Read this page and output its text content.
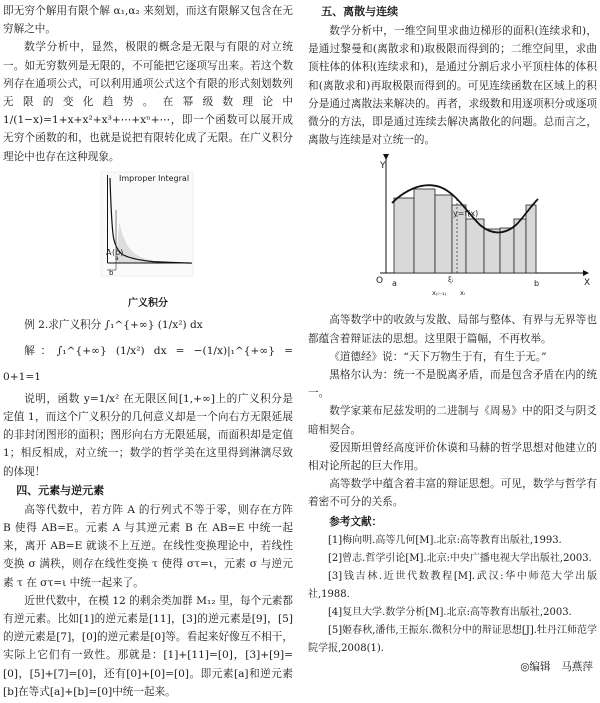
即无穷个解用有限个解 α₁,α₂ 来刻划，而这有限解又包含在无穷解之中。

数学分析中，显然，极限的概念是无限与有限的对立统一。如无穷数列是无限的，不可能把它逐项写出来。若这个数列存在通项公式，可以利用通项公式这个有限的形式刻划数列无限的变化趋势。在幂级数理论中 1/(1−x)=1+x+x²+x³+⋯+xⁿ+⋯，即一个函数可以展开成无穷个函数的和，也就是说把有限转化成了无限。在广义积分理论中也存在这种现象。

Improper Integral
A (b)
a
b
广义积分

例 2.求广义积分 ∫₁^{+∞} (1/x²) dx

解：∫₁^{+∞} (1/x²) dx = −(1/x)|₁^{+∞} = 0+1=1

说明，函数 y=1/x² 在无限区间[1,+∞]上的广义积分是定值 1，而这个广义积分的几何意义却是一个向右方无限延展的非封闭图形的面积；图形向右方无限延展，而面积却是定值 1；相反相成，对立统一；数学的哲学美在这里得到淋漓尽致的体现！

四、元素与逆元素

高等代数中，若方阵 A 的行列式不等于零，则存在方阵 B 使得 AB=E。元素 A 与其逆元素 B 在 AB=E 中统一起来，离开 AB=E 就谈不上互逆。在线性变换理论中，若线性变换 σ 满秩，则存在线性变换 τ 使得 στ=ι，元素 σ 与逆元素 τ 在 στ=ι 中统一起来了。

近世代数中，在模 12 的剩余类加群 M₁₂ 里，每个元素都有逆元素。比如[1]的逆元素是[11]，[3]的逆元素是[9]，[5]的逆元素是[7]，[0]的逆元素是[0]等。看起来好像互不相干，实际上它们有一致性。那就是：[1]+[11]=[0]，[3]+[9]=[0]，[5]+[7]=[0]，还有[0]+[0]=[0]。即元素[a]和逆元素[b]在等式[a]+[b]=[0]中统一起来。

五、离散与连续

数学分析中，一维空间里求曲边梯形的面积(连续求和)，是通过黎曼和(离散求和)取极限而得到的；二维空间里，求曲顶柱体的体积(连续求和)，是通过分割后求小平顶柱体的体积和(离散求和)再取极限而得到的。可见连续函数在区域上的积分是通过离散法来解决的。再者，求级数和用逐项积分或逐项微分的方法，即是通过连续去解决离散化的问题。总而言之，离散与连续是对立统一的。

Y
O	X
y=f(x)
a	b
ξᵢ
x₍ᵢ₋₁₎ xᵢ

高等数学中的收敛与发散、局部与整体、有界与无界等也都蕴含着辩证法的思想。这里限于篇幅，不再枚举。

《道德经》说：“天下万物生于有，有生于无。”

黑格尔认为：统一不是脱离矛盾，而是包含矛盾在内的统一。

数学家莱布尼兹发明的二进制与《周易》中的阳爻与阴爻暗相契合。

爱因斯坦曾经高度评价休谟和马赫的哲学思想对他建立的相对论所起的巨大作用。

高等数学中蕴含着丰富的辩证思想。可见，数学与哲学有着密不可分的关系。

参考文献：

[1]梅向明.高等几何[M].北京:高等教育出版社,1993.

[2]曾志.哲学引论[M].北京:中央广播电视大学出版社,2003.

[3]钱吉林.近世代数教程[M].武汉:华中师范大学出版社,1988.

[4]复旦大学.数学分析[M].北京:高等教育出版社,2003.

[5]姬春秋,潘伟,王振东.微积分中的辩证思想[J].牡丹江师范学院学报,2008(1).

◎编辑　马燕萍
